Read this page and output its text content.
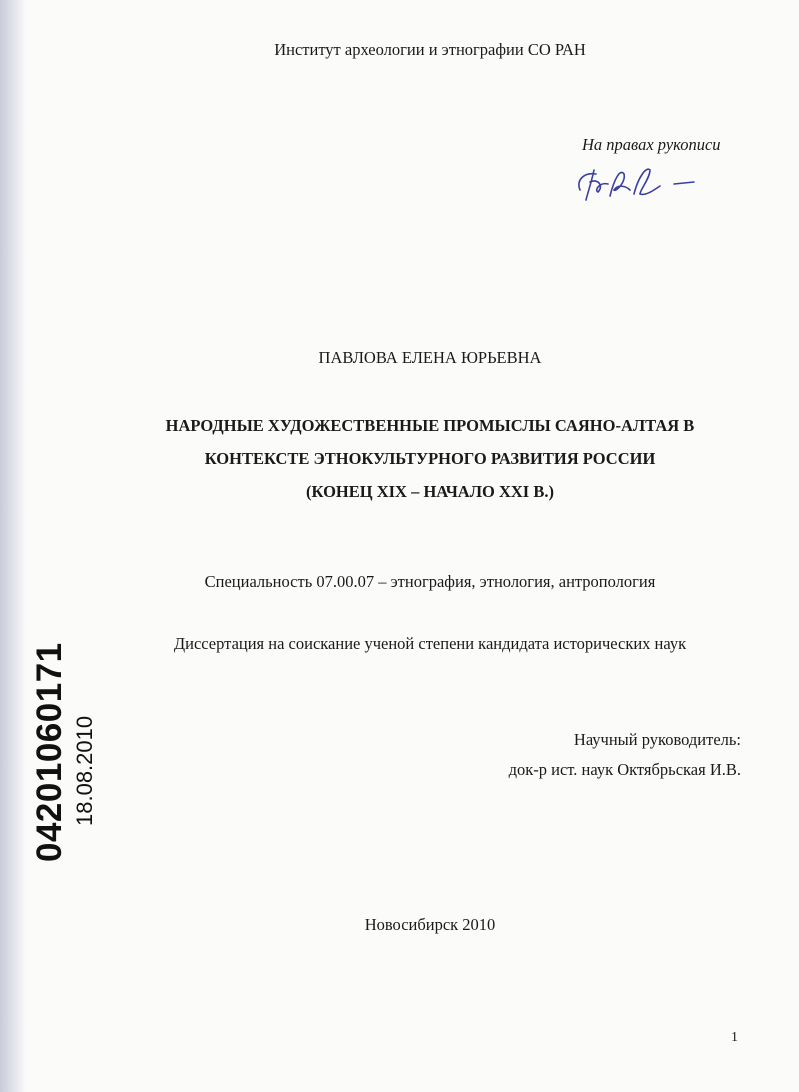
Институт археологии и этнографии СО РАН
На правах рукописи
ПАВЛОВА ЕЛЕНА ЮРЬЕВНА
НАРОДНЫЕ ХУДОЖЕСТВЕННЫЕ ПРОМЫСЛЫ САЯНО-АЛТАЯ В
КОНТЕКСТЕ ЭТНОКУЛЬТУРНОГО РАЗВИТИЯ РОССИИ
(КОНЕЦ XIX – НАЧАЛО XXI В.)
Специальность 07.00.07 – этнография, этнология, антропология
Диссертация на соискание ученой степени кандидата исторических наук
Научный руководитель:
док-р ист. наук Октябрьская И.В.
Новосибирск 2010
1
04201060171 18.08.2010
